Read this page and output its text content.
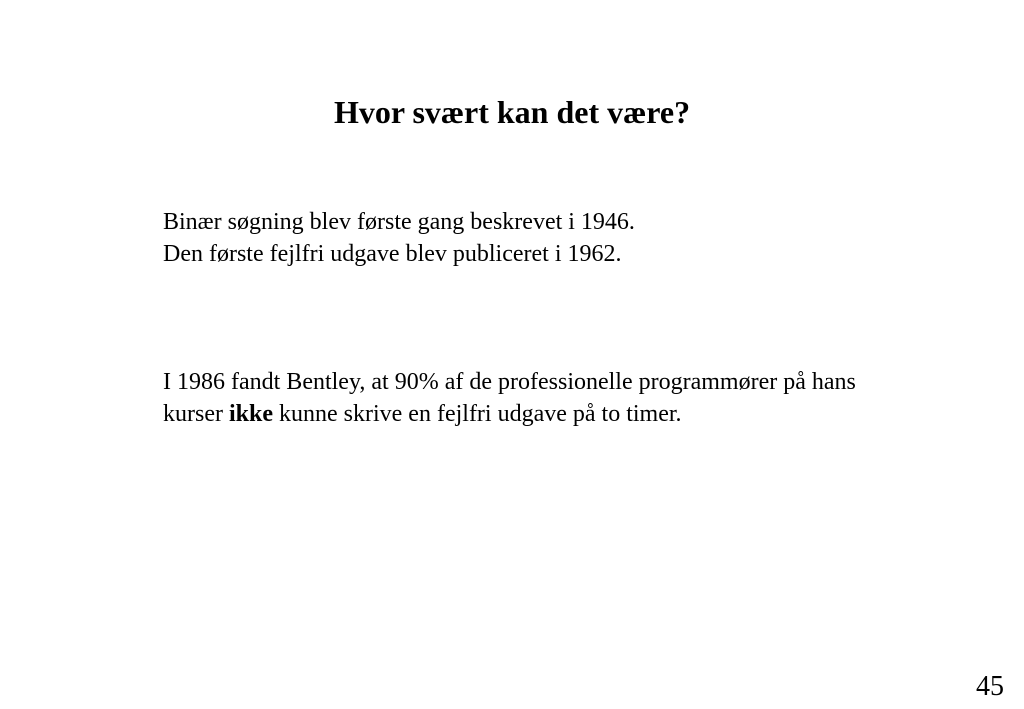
Hvor svært kan det være?
Binær søgning blev første gang beskrevet i 1946.
Den første fejlfri udgave blev publiceret i 1962.
I 1986 fandt Bentley, at 90% af de professionelle programmører på hans
kurser ikke kunne skrive en fejlfri udgave på to timer.
45
